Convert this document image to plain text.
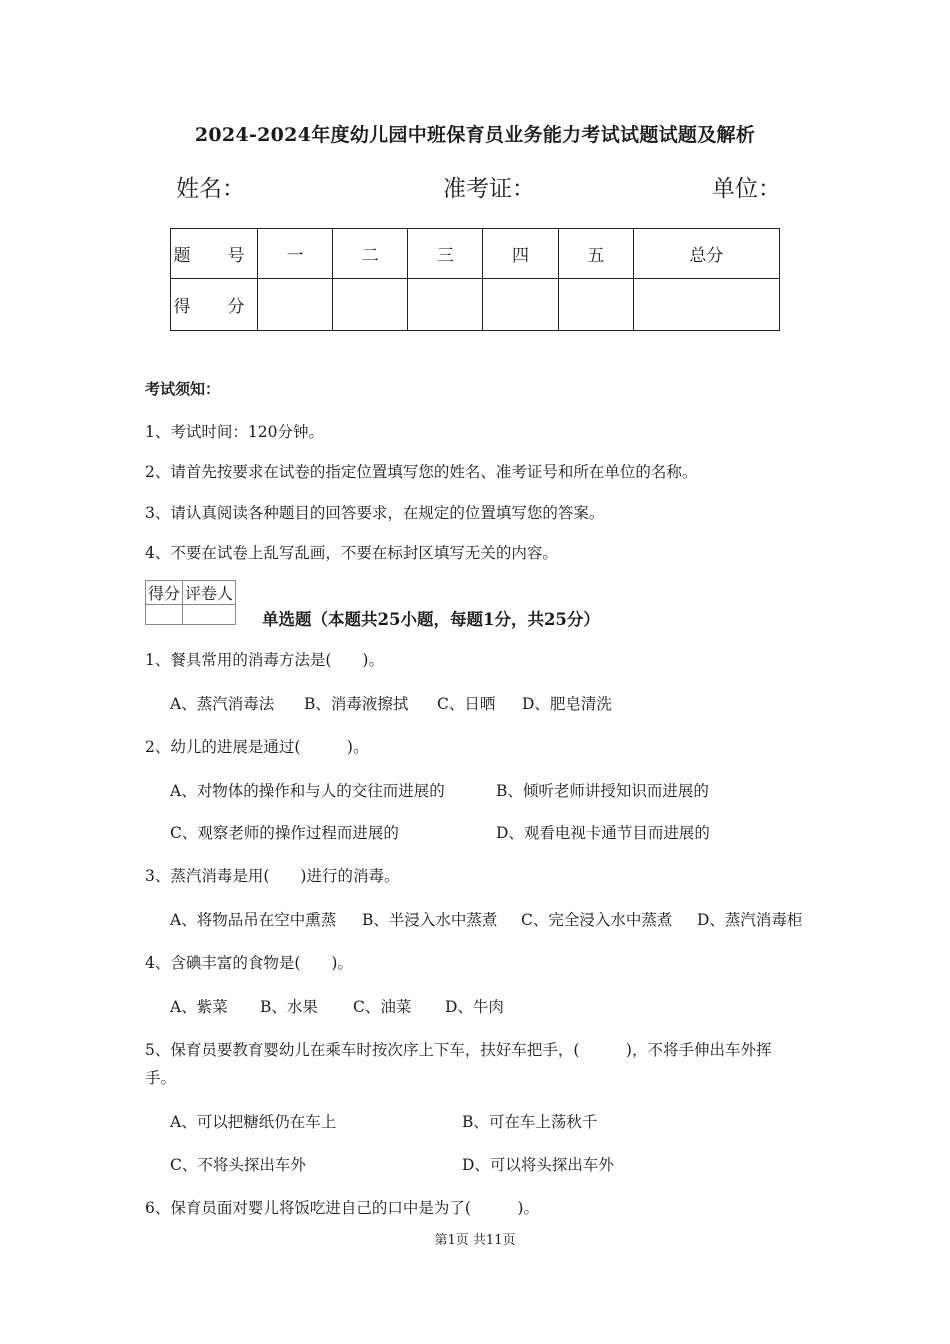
2024-2024年度幼儿园中班保育员业务能力考试试题试题及解析
姓名：	准考证：	单位：
题　号	一	二	三	四	五	总分
得　分						
考试须知：
1、考试时间：120分钟。
2、请首先按要求在试卷的指定位置填写您的姓名、准考证号和所在单位的名称。
3、请认真阅读各种题目的回答要求，在规定的位置填写您的答案。
4、不要在试卷上乱写乱画，不要在标封区填写无关的内容。
得分	评卷人

单选题（本题共25小题，每题1分，共25分）
1、餐具常用的消毒方法是(　　)。
A、蒸汽消毒法 B、消毒液擦拭 C、日晒 D、肥皂清洗
2、幼儿的进展是通过(　　　)。
A、对物体的操作和与人的交往而进展的	B、倾听老师讲授知识而进展的
C、观察老师的操作过程而进展的	D、观看电视卡通节目而进展的
3、蒸汽消毒是用(　　)进行的消毒。
A、将物品吊在空中熏蒸 B、半浸入水中蒸煮 C、完全浸入水中蒸煮 D、蒸汽消毒柜
4、含碘丰富的食物是(　　)。
A、紫菜 B、水果 C、油菜 D、牛肉
5、保育员要教育婴幼儿在乘车时按次序上下车，扶好车把手，(　　　)，不将手伸出车外挥
手。
A、可以把糖纸仍在车上	B、可在车上荡秋千
C、不将头探出车外	D、可以将头探出车外
6、保育员面对婴儿将饭吃进自己的口中是为了(　　　)。
第1页 共11页
